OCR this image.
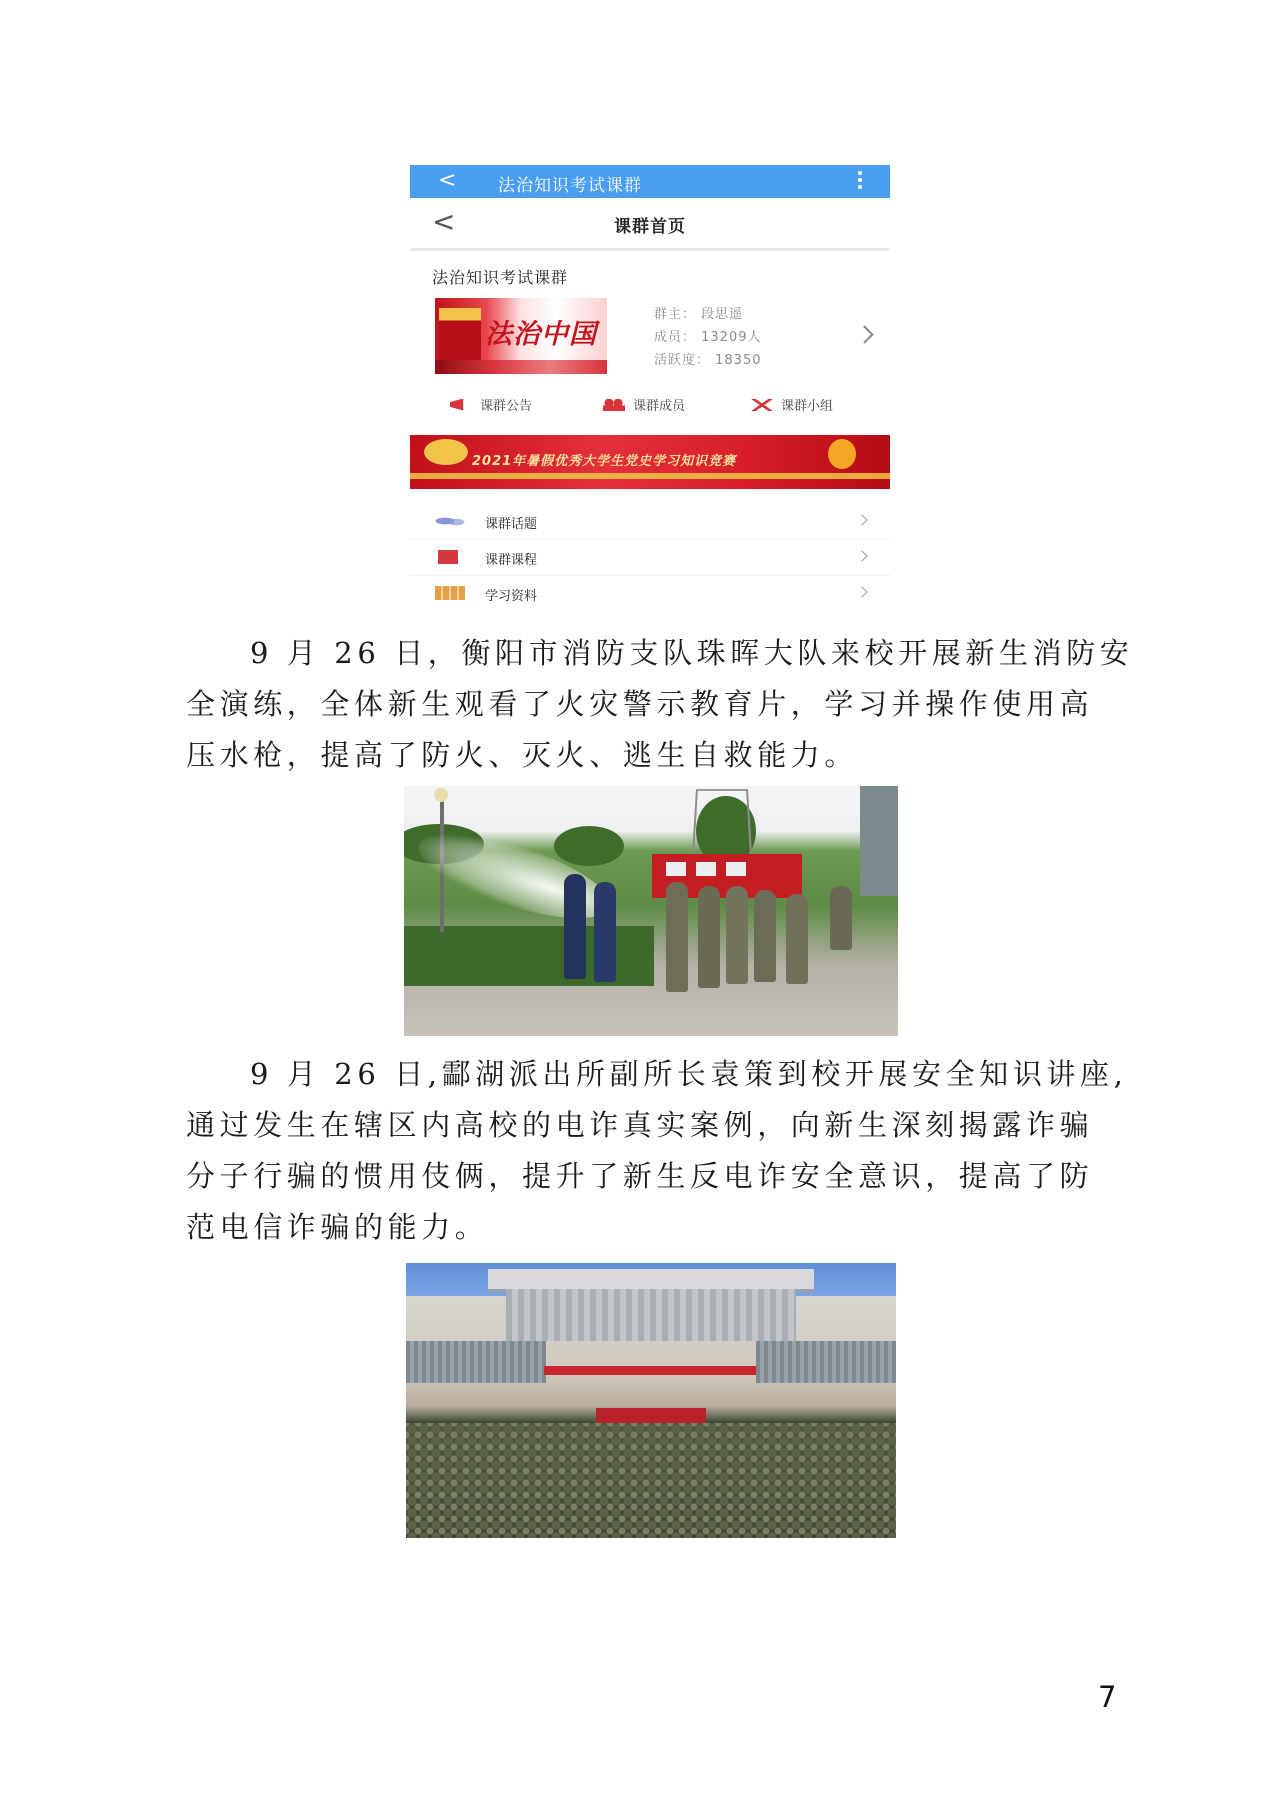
< 法治知识考试课群
<	课群首页
法治知识考试课群
法治中国
群主： 段思遥
成员： 13209人
活跃度： 18350
课群公告	课群成员	课群小组
2021年暑假优秀大学生党史学习知识竞赛
课群话题
课群课程
学习资料
9 月 26 日，衡阳市消防支队珠晖大队来校开展新生消防安
全演练，全体新生观看了火灾警示教育片，学习并操作使用高
压水枪，提高了防火、灭火、逃生自救能力。
9 月 26 日,酃湖派出所副所长袁策到校开展安全知识讲座,
通过发生在辖区内高校的电诈真实案例，向新生深刻揭露诈骗
分子行骗的惯用伎俩，提升了新生反电诈安全意识，提高了防
范电信诈骗的能力。
7
